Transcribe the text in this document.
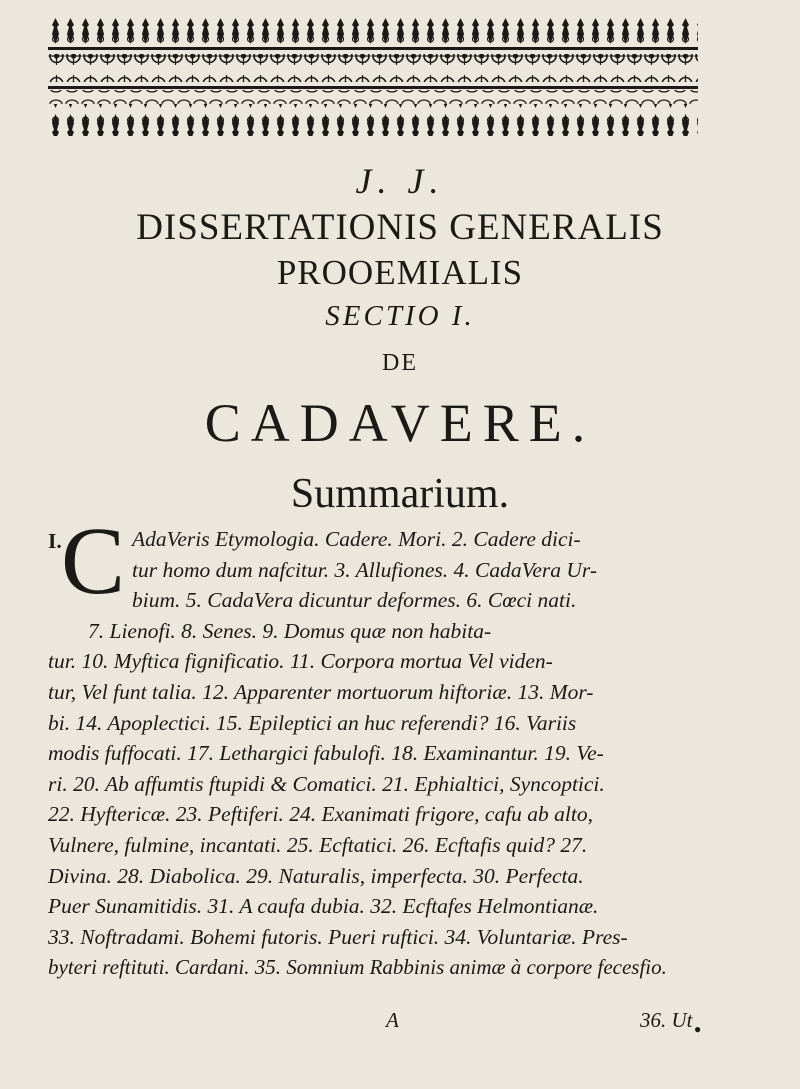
J. J.
DISSERTATIONIS GENERALIS
PROOEMIALIS
SECTIO I.
DE
CADAVERE.
Summarium.
I. C AdaVeris Etymologia. Cadere. Mori. 2. Cadere dici-
tur homo dum nafcitur. 3. Allufiones. 4. CadaVera Ur-
bium. 5. CadaVera dicuntur deformes. 6. Cœci nati.
7. Lienofi. 8. Senes. 9. Domus quæ non habita-
tur. 10. Myftica fignificatio. 11. Corpora mortua Vel viden-
tur, Vel funt talia. 12. Apparenter mortuorum hiftoriæ. 13. Mor-
bi. 14. Apoplectici. 15. Epileptici an huc referendi? 16. Variis
modis fuffocati. 17. Lethargici fabulofi. 18. Examinantur. 19. Ve-
ri. 20. Ab affumtis ftupidi & Comatici. 21. Ephialtici, Syncoptici.
22. Hyftericæ. 23. Peftiferi. 24. Exanimati frigore, cafu ab alto,
Vulnere, fulmine, incantati. 25. Ecftatici. 26. Ecftafis quid? 27.
Divina. 28. Diabolica. 29. Naturalis, imperfecta. 30. Perfecta.
Puer Sunamitidis. 31. A caufa dubia. 32. Ecftafes Helmontianæ.
33. Noftradami. Bohemi futoris. Pueri ruftici. 34. Voluntariæ. Pres-
byteri reftituti. Cardani. 35. Somnium Rabbinis animæ à corpore fecesfio.
A	36. Ut ●
